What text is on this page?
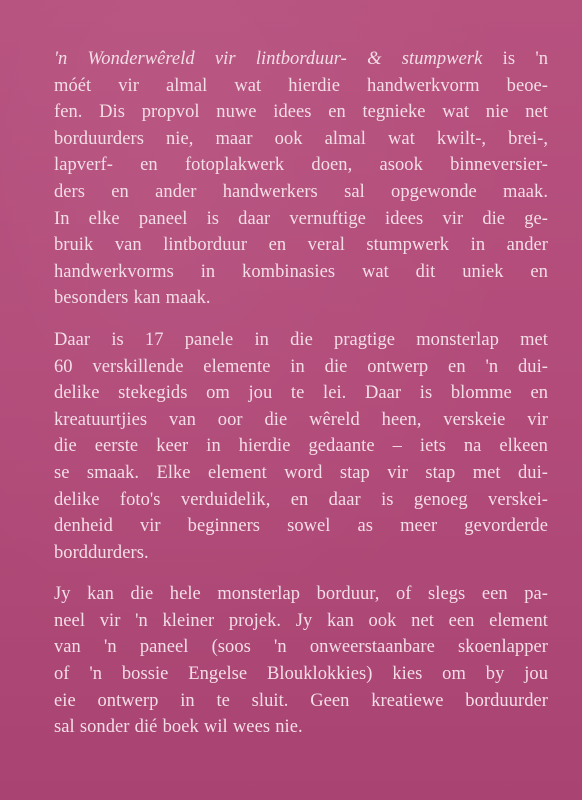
'n Wonderwêreld vir lintborduur- & stumpwerk is 'n
móét vir almal wat hierdie handwerkvorm beoe-
fen. Dis propvol nuwe idees en tegnieke wat nie net
borduurders nie, maar ook almal wat kwilt-, brei-,
lapverf- en fotoplakwerk doen, asook binneversier-
ders en ander handwerkers sal opgewonde maak.
In elke paneel is daar vernuftige idees vir die ge-
bruik van lintborduur en veral stumpwerk in ander
handwerkvorms in kombinasies wat dit uniek en
besonders kan maak.

Daar is 17 panele in die pragtige monsterlap met
60 verskillende elemente in die ontwerp en 'n dui-
delike stekegids om jou te lei. Daar is blomme en
kreatuurtjies van oor die wêreld heen, verskeie vir
die eerste keer in hierdie gedaante – iets na elkeen
se smaak. Elke element word stap vir stap met dui-
delike foto's verduidelik, en daar is genoeg verskei-
denheid vir beginners sowel as meer gevorderde
borddurders.

Jy kan die hele monsterlap borduur, of slegs een pa-
neel vir 'n kleiner projek. Jy kan ook net een element
van 'n paneel (soos 'n onweerstaanbare skoenlapper
of 'n bossie Engelse Blouklokkies) kies om by jou
eie ontwerp in te sluit. Geen kreatiewe borduurder
sal sonder dié boek wil wees nie.
